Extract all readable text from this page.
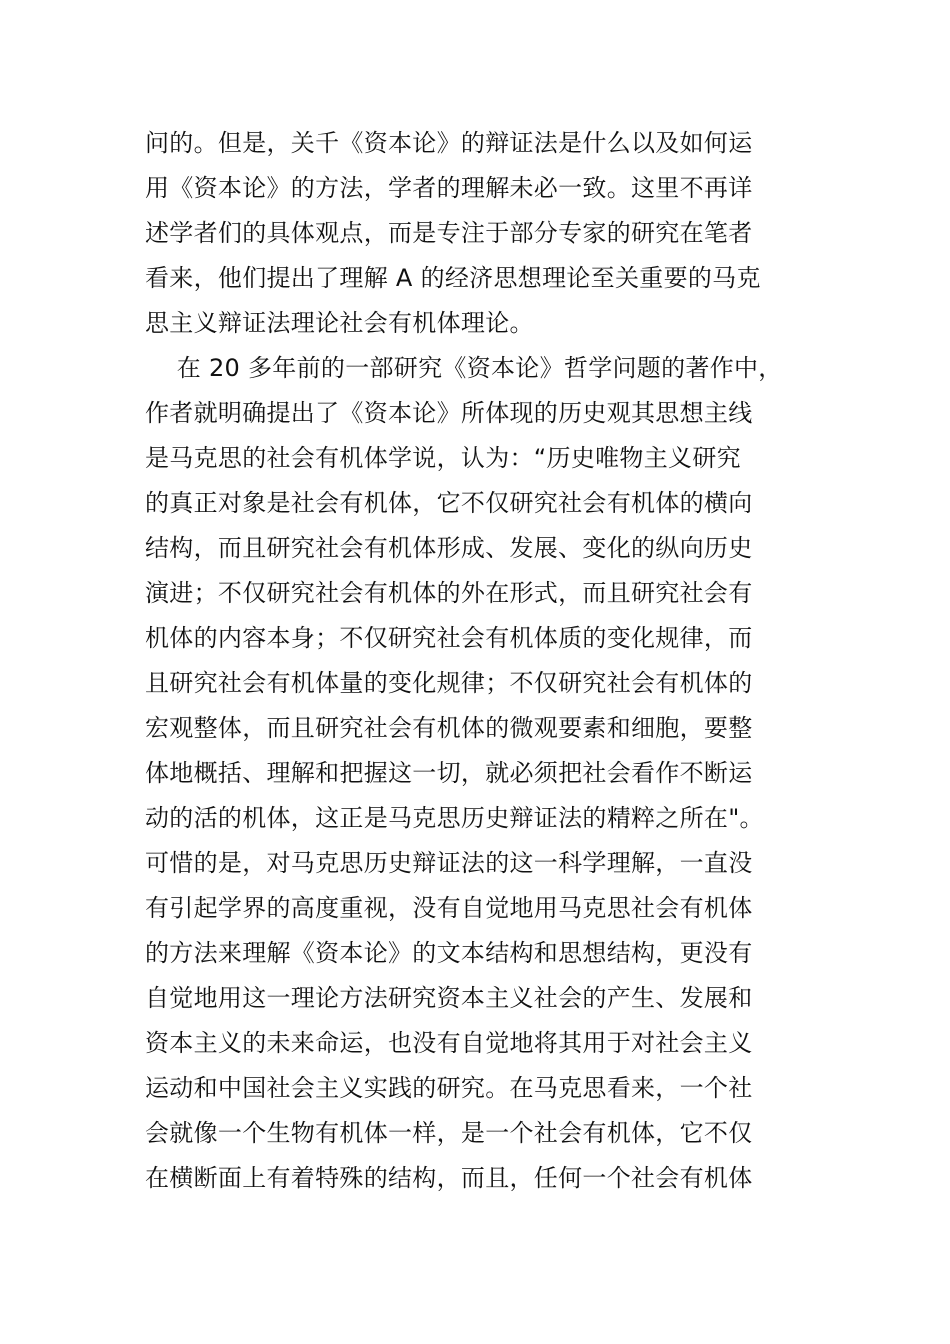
问的。但是，关千《资本论》的辩证法是什么以及如何运
用《资本论》的方法，学者的理解未必一致。这里不再详
述学者们的具体观点，而是专注于部分专家的研究在笔者
看来，他们提出了理解 A 的经济思想理论至关重要的马克
思主义辩证法理论社会有机体理论。
在 20 多年前的一部研究《资本论》哲学问题的著作中，
作者就明确提出了《资本论》所体现的历史观其思想主线
是马克思的社会有机体学说，认为：“历史唯物主义研究
的真正对象是社会有机体，它不仅研究社会有机体的横向
结构，而且研究社会有机体形成、发展、变化的纵向历史
演进；不仅研究社会有机体的外在形式，而且研究社会有
机体的内容本身；不仅研究社会有机体质的变化规律，而
且研究社会有机体量的变化规律；不仅研究社会有机体的
宏观整体，而且研究社会有机体的微观要素和细胞，要整
体地概括、理解和把握这一切，就必须把社会看作不断运
动的活的机体，这正是马克思历史辩证法的精粹之所在"。
可惜的是，对马克思历史辩证法的这一科学理解，一直没
有引起学界的高度重视，没有自觉地用马克思社会有机体
的方法来理解《资本论》的文本结构和思想结构，更没有
自觉地用这一理论方法研究资本主义社会的产生、发展和
资本主义的未来命运，也没有自觉地将其用于对社会主义
运动和中国社会主义实践的研究。在马克思看来，一个社
会就像一个生物有机体一样，是一个社会有机体，它不仅
在横断面上有着特殊的结构，而且，任何一个社会有机体
